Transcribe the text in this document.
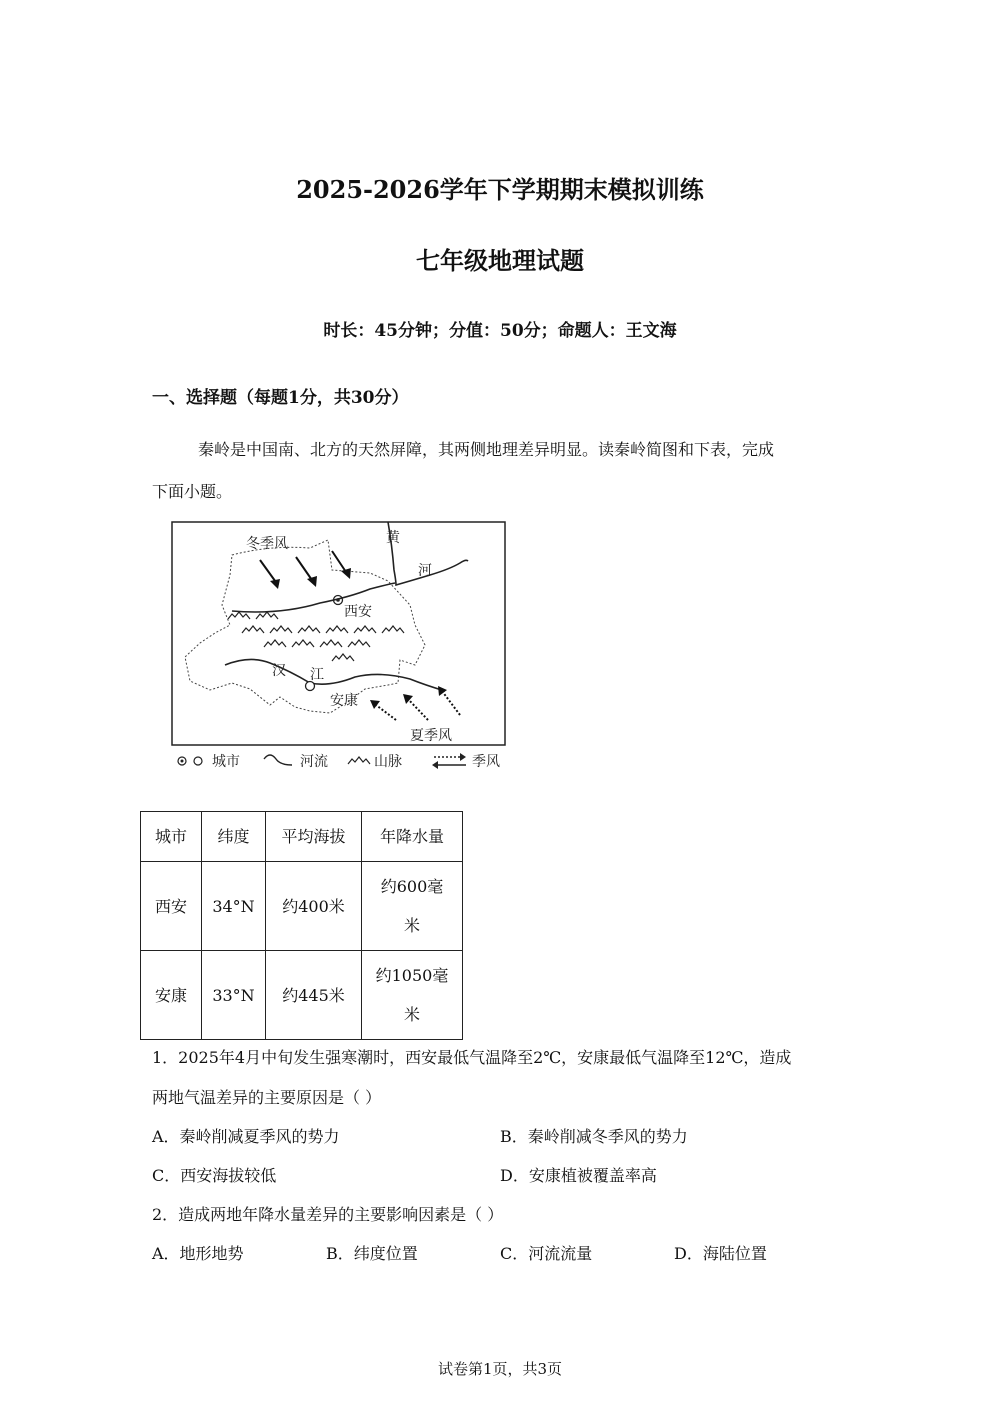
2025-2026学年下学期期末模拟训练
七年级地理试题
时长：45分钟；分值：50分；命题人：王文海
一、选择题（每题1分，共30分）
秦岭是中国南、北方的天然屏障，其两侧地理差异明显。读秦岭简图和下表，完成
下面小题。
冬季风	黄
河
西安
汉 江
安康
夏季风
城市	河流	山脉	季风
城市	纬度	平均海拔	年降水量
西安	34°N	约400米	约600毫
米
安康	33°N	约445米	约1050毫
米
1．2025年4月中旬发生强寒潮时，西安最低气温降至2℃，安康最低气温降至12℃，造成
两地气温差异的主要原因是（ ）
A．秦岭削减夏季风的势力	B．秦岭削减冬季风的势力
C．西安海拔较低	D．安康植被覆盖率高
2．造成两地年降水量差异的主要影响因素是（ ）
A．地形地势	B．纬度位置	C．河流流量	D．海陆位置
试卷第1页，共3页
